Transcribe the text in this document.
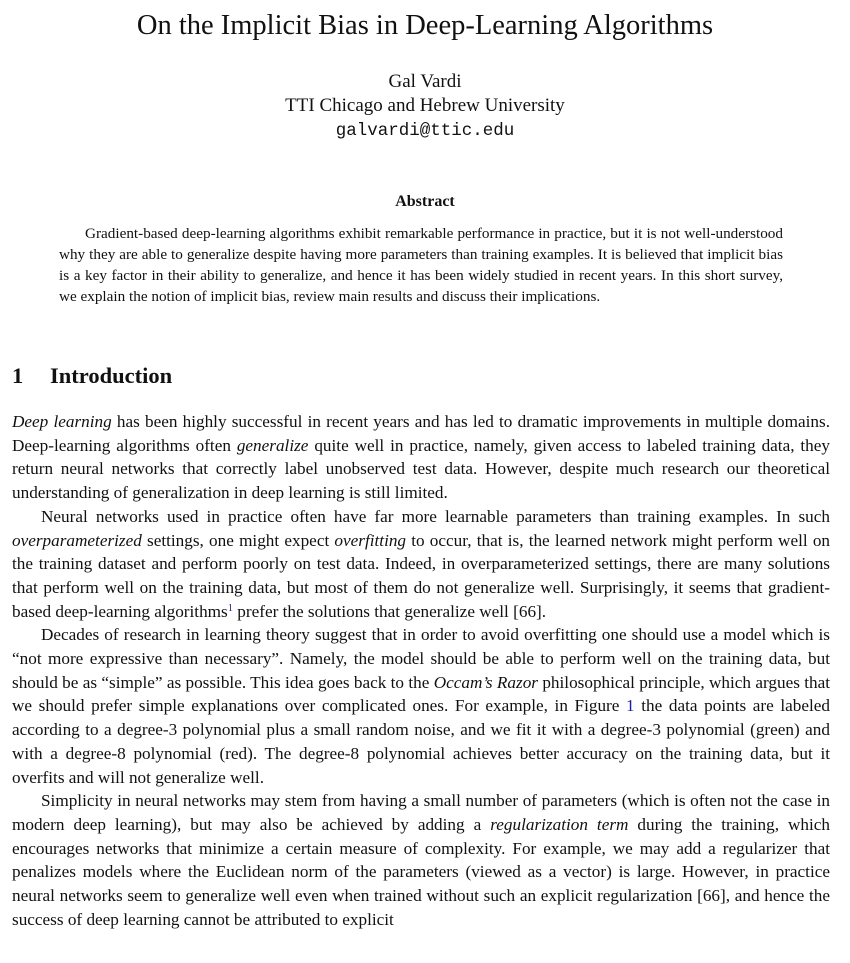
On the Implicit Bias in Deep-Learning Algorithms
Gal Vardi
TTI Chicago and Hebrew University
galvardi@ttic.edu
Abstract
Gradient-based deep-learning algorithms exhibit remarkable performance in practice, but it is not well-understood why they are able to generalize despite having more parameters than training examples. It is believed that implicit bias is a key factor in their ability to generalize, and hence it has been widely studied in recent years. In this short survey, we explain the notion of implicit bias, review main results and discuss their implications.
1 Introduction

Deep learning has been highly successful in recent years and has led to dramatic improvements in multiple domains. Deep-learning algorithms often generalize quite well in practice, namely, given access to labeled training data, they return neural networks that correctly label unobserved test data. However, despite much research our theoretical understanding of generalization in deep learning is still limited.

Neural networks used in practice often have far more learnable parameters than training examples. In such overparameterized settings, one might expect overfitting to occur, that is, the learned network might perform well on the training dataset and perform poorly on test data. Indeed, in overparameterized settings, there are many solutions that perform well on the training data, but most of them do not generalize well. Surprisingly, it seems that gradient-based deep-learning algorithms$^1$ prefer the solutions that generalize well [66].

Decades of research in learning theory suggest that in order to avoid overfitting one should use a model which is “not more expressive than necessary”. Namely, the model should be able to perform well on the training data, but should be as “simple” as possible. This idea goes back to the Occam’s Razor philosophical principle, which argues that we should prefer simple explanations over complicated ones. For example, in Figure 1 the data points are labeled according to a degree-3 polynomial plus a small random noise, and we fit it with a degree-3 polynomial (green) and with a degree-8 polynomial (red). The degree-8 polynomial achieves better accuracy on the training data, but it overfits and will not generalize well.

Simplicity in neural networks may stem from having a small number of parameters (which is often not the case in modern deep learning), but may also be achieved by adding a regularization term during the training, which encourages networks that minimize a certain measure of complexity. For example, we may add a regularizer that penalizes models where the Euclidean norm of the parameters (viewed as a vector) is large. However, in practice neural networks seem to generalize well even when trained without such an explicit regularization [66], and hence the success of deep learning cannot be attributed to explicit
